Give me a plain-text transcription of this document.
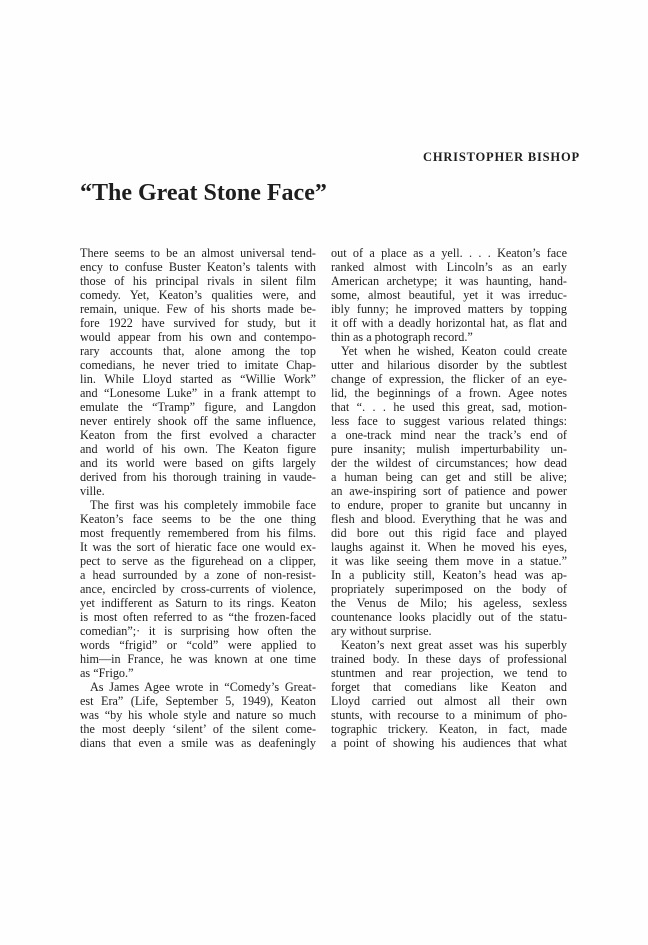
CHRISTOPHER BISHOP
“The Great Stone Face”
There seems to be an almost universal tend-
ency to confuse Buster Keaton’s talents with
those of his principal rivals in silent film
comedy. Yet, Keaton’s qualities were, and
remain, unique. Few of his shorts made be-
fore 1922 have survived for study, but it
would appear from his own and contempo-
rary accounts that, alone among the top
comedians, he never tried to imitate Chap-
lin. While Lloyd started as “Willie Work”
and “Lonesome Luke” in a frank attempt to
emulate the “Tramp” figure, and Langdon
never entirely shook off the same influence,
Keaton from the first evolved a character
and world of his own. The Keaton figure
and its world were based on gifts largely
derived from his thorough training in vaude-
ville.
The first was his completely immobile face
Keaton’s face seems to be the one thing
most frequently remembered from his films.
It was the sort of hieratic face one would ex-
pect to serve as the figurehead on a clipper,
a head surrounded by a zone of non-resist-
ance, encircled by cross-currents of violence,
yet indifferent as Saturn to its rings. Keaton
is most often referred to as “the frozen-faced
comedian”;· it is surprising how often the
words “frigid” or “cold” were applied to
him—in France, he was known at one time
as “Frigo.”
As James Agee wrote in “Comedy’s Great-
est Era” (Life, September 5, 1949), Keaton
was “by his whole style and nature so much
the most deeply ‘silent’ of the silent come-
dians that even a smile was as deafeningly
out of a place as a yell. . . . Keaton’s face
ranked almost with Lincoln’s as an early
American archetype; it was haunting, hand-
some, almost beautiful, yet it was irreduc-
ibly funny; he improved matters by topping
it off with a deadly horizontal hat, as flat and
thin as a photograph record.”
Yet when he wished, Keaton could create
utter and hilarious disorder by the subtlest
change of expression, the flicker of an eye-
lid, the beginnings of a frown. Agee notes
that “. . . he used this great, sad, motion-
less face to suggest various related things:
a one-track mind near the track’s end of
pure insanity; mulish imperturbability un-
der the wildest of circumstances; how dead
a human being can get and still be alive;
an awe-inspiring sort of patience and power
to endure, proper to granite but uncanny in
flesh and blood. Everything that he was and
did bore out this rigid face and played
laughs against it. When he moved his eyes,
it was like seeing them move in a statue.”
In a publicity still, Keaton’s head was ap-
propriately superimposed on the body of
the Venus de Milo; his ageless, sexless
countenance looks placidly out of the statu-
ary without surprise.
Keaton’s next great asset was his superbly
trained body. In these days of professional
stuntmen and rear projection, we tend to
forget that comedians like Keaton and
Lloyd carried out almost all their own
stunts, with recourse to a minimum of pho-
tographic trickery. Keaton, in fact, made
a point of showing his audiences that what
